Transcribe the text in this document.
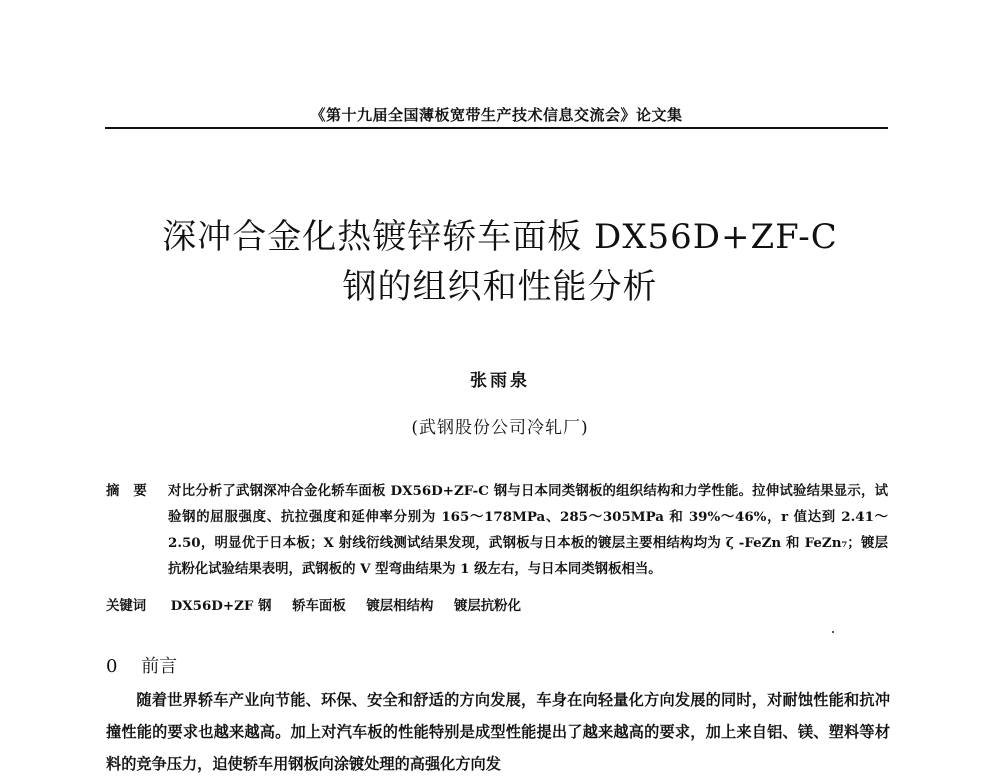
《第十九届全国薄板宽带生产技术信息交流会》论文集
深冲合金化热镀锌轿车面板 DX56D+ZF-C
钢的组织和性能分析
张雨泉
(武钢股份公司冷轧厂)
摘要 对比分析了武钢深冲合金化轿车面板 DX56D+ZF-C 钢与日本同类钢板的组织结构和力学性能。拉伸试验结果显示，试验钢的屈服强度、抗拉强度和延伸率分别为 165～178MPa、285～305MPa 和 39%～46%，r 值达到 2.41～2.50，明显优于日本板；X 射线衍线测试结果发现，武钢板与日本板的镀层主要相结构均为 ζ -FeZn 和 FeZn₇；镀层抗粉化试验结果表明，武钢板的 V 型弯曲结果为 1 级左右，与日本同类钢板相当。
关键词 DX56D+ZF 钢 轿车面板 镀层相结构 镀层抗粉化
0 前言

随着世界轿车产业向节能、环保、安全和舒适的方向发展，车身在向轻量化方向发展的同时，对耐蚀性能和抗冲撞性能的要求也越来越高。加上对汽车板的性能特别是成型性能提出了越来越高的要求，加上来自铝、镁、塑料等材料的竞争压力，迫使轿车用钢板向涂镀处理的高强化方向发
